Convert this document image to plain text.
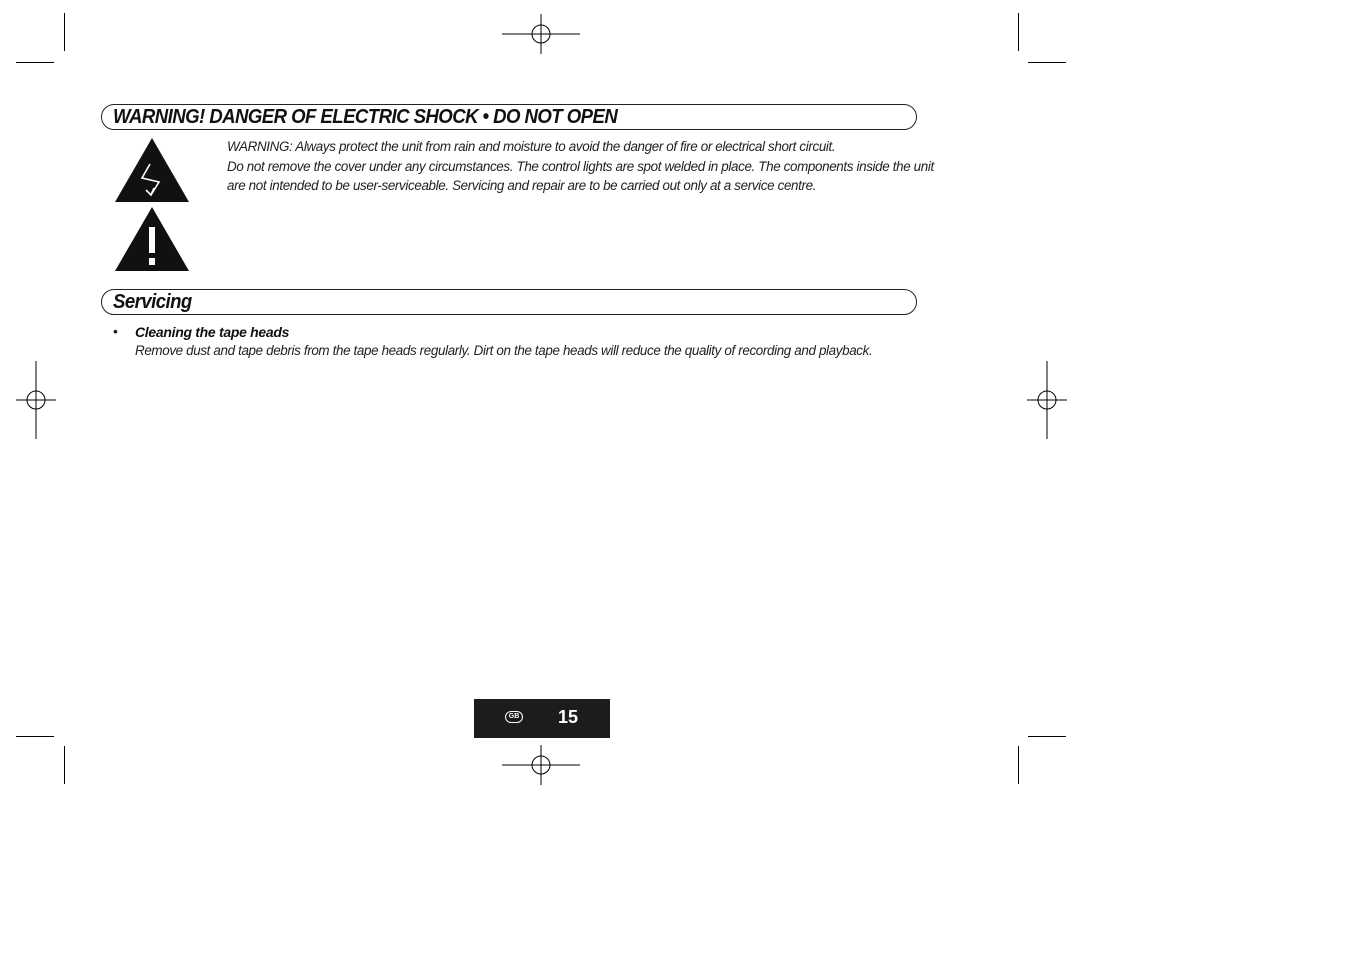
WARNING! DANGER OF ELECTRIC SHOCK • DO NOT OPEN

WARNING: Always protect the unit from rain and moisture to avoid the danger of fire or electrical short circuit.

Do not remove the cover under any circumstances. The control lights are spot welded in place. The components inside the unit

are not intended to be user-serviceable. Servicing and repair are to be carried out only at a service centre.

Servicing
• Cleaning the tape heads
Remove dust and tape debris from the tape heads regularly. Dirt on the tape heads will reduce the quality of recording and playback.
GB 15
